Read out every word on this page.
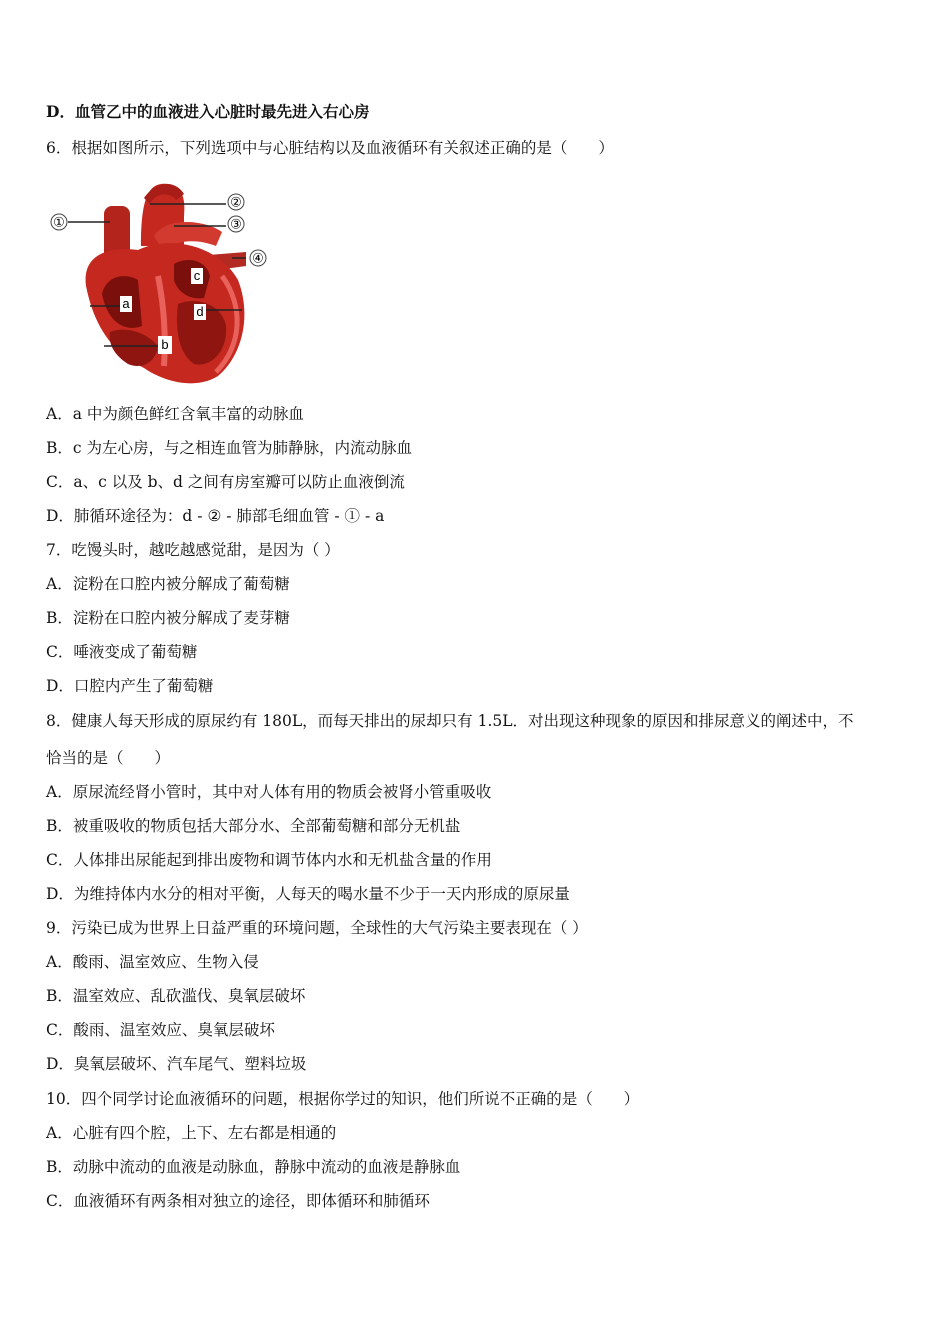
D．血管乙中的血液进入心脏时最先进入右心房
6．根据如图所示，下列选项中与心脏结构以及血液循环有关叙述正确的是（　　）
①
②
③
④
a
b
c
d
A．a 中为颜色鲜红含氧丰富的动脉血
B．c 为左心房，与之相连血管为肺静脉，内流动脉血
C．a、c 以及 b、d 之间有房室瓣可以防止血液倒流
D．肺循环途径为：d - ② - 肺部毛细血管 - ① - a
7．吃馒头时，越吃越感觉甜，是因为（ ）
A．淀粉在口腔内被分解成了葡萄糖
B．淀粉在口腔内被分解成了麦芽糖
C．唾液变成了葡萄糖
D．口腔内产生了葡萄糖
8．健康人每天形成的原尿约有 180L，而每天排出的尿却只有 1.5L．对出现这种现象的原因和排尿意义的阐述中，不
恰当的是（　　）
A．原尿流经肾小管时，其中对人体有用的物质会被肾小管重吸收
B．被重吸收的物质包括大部分水、全部葡萄糖和部分无机盐
C．人体排出尿能起到排出废物和调节体内水和无机盐含量的作用
D．为维持体内水分的相对平衡，人每天的喝水量不少于一天内形成的原尿量
9．污染已成为世界上日益严重的环境问题，全球性的大气污染主要表现在（ ）
A．酸雨、温室效应、生物入侵
B．温室效应、乱砍滥伐、臭氧层破坏
C．酸雨、温室效应、臭氧层破坏
D．臭氧层破坏、汽车尾气、塑料垃圾
10．四个同学讨论血液循环的问题，根据你学过的知识，他们所说不正确的是（　　）
A．心脏有四个腔，上下、左右都是相通的
B．动脉中流动的血液是动脉血，静脉中流动的血液是静脉血
C．血液循环有两条相对独立的途径，即体循环和肺循环
